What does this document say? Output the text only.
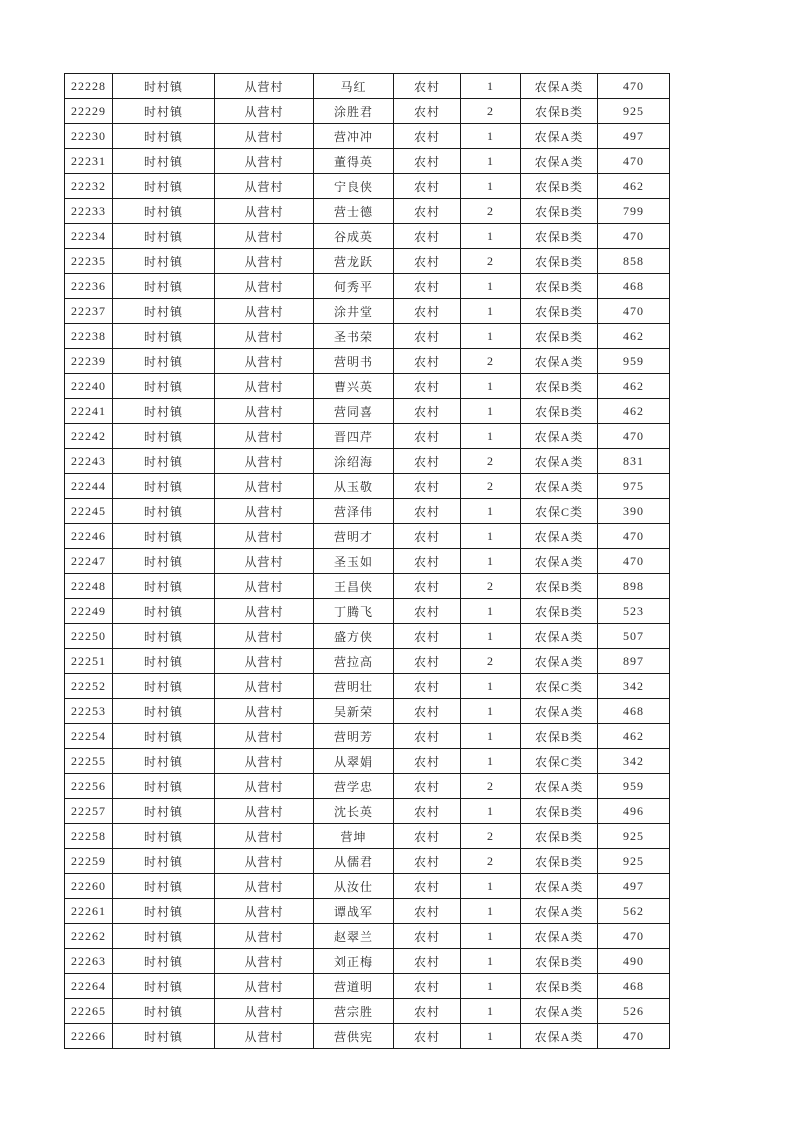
22228	时村镇	从营村	马红	农村	1	农保A类	470
22229	时村镇	从营村	涂胜君	农村	2	农保B类	925
22230	时村镇	从营村	营冲冲	农村	1	农保A类	497
22231	时村镇	从营村	董得英	农村	1	农保A类	470
22232	时村镇	从营村	宁良侠	农村	1	农保B类	462
22233	时村镇	从营村	营士德	农村	2	农保B类	799
22234	时村镇	从营村	谷成英	农村	1	农保B类	470
22235	时村镇	从营村	营龙跃	农村	2	农保B类	858
22236	时村镇	从营村	何秀平	农村	1	农保B类	468
22237	时村镇	从营村	涂井堂	农村	1	农保B类	470
22238	时村镇	从营村	圣书荣	农村	1	农保B类	462
22239	时村镇	从营村	营明书	农村	2	农保A类	959
22240	时村镇	从营村	曹兴英	农村	1	农保B类	462
22241	时村镇	从营村	营同喜	农村	1	农保B类	462
22242	时村镇	从营村	晋四芹	农村	1	农保A类	470
22243	时村镇	从营村	涂绍海	农村	2	农保A类	831
22244	时村镇	从营村	从玉敬	农村	2	农保A类	975
22245	时村镇	从营村	营泽伟	农村	1	农保C类	390
22246	时村镇	从营村	营明才	农村	1	农保A类	470
22247	时村镇	从营村	圣玉如	农村	1	农保A类	470
22248	时村镇	从营村	王昌侠	农村	2	农保B类	898
22249	时村镇	从营村	丁腾飞	农村	1	农保B类	523
22250	时村镇	从营村	盛方侠	农村	1	农保A类	507
22251	时村镇	从营村	营拉高	农村	2	农保A类	897
22252	时村镇	从营村	营明壮	农村	1	农保C类	342
22253	时村镇	从营村	吴新荣	农村	1	农保A类	468
22254	时村镇	从营村	营明芳	农村	1	农保B类	462
22255	时村镇	从营村	从翠娟	农村	1	农保C类	342
22256	时村镇	从营村	营学忠	农村	2	农保A类	959
22257	时村镇	从营村	沈长英	农村	1	农保B类	496
22258	时村镇	从营村	营坤	农村	2	农保B类	925
22259	时村镇	从营村	从儒君	农村	2	农保B类	925
22260	时村镇	从营村	从汝仕	农村	1	农保A类	497
22261	时村镇	从营村	谭战军	农村	1	农保A类	562
22262	时村镇	从营村	赵翠兰	农村	1	农保A类	470
22263	时村镇	从营村	刘正梅	农村	1	农保B类	490
22264	时村镇	从营村	营道明	农村	1	农保B类	468
22265	时村镇	从营村	营宗胜	农村	1	农保A类	526
22266	时村镇	从营村	营供宪	农村	1	农保A类	470
